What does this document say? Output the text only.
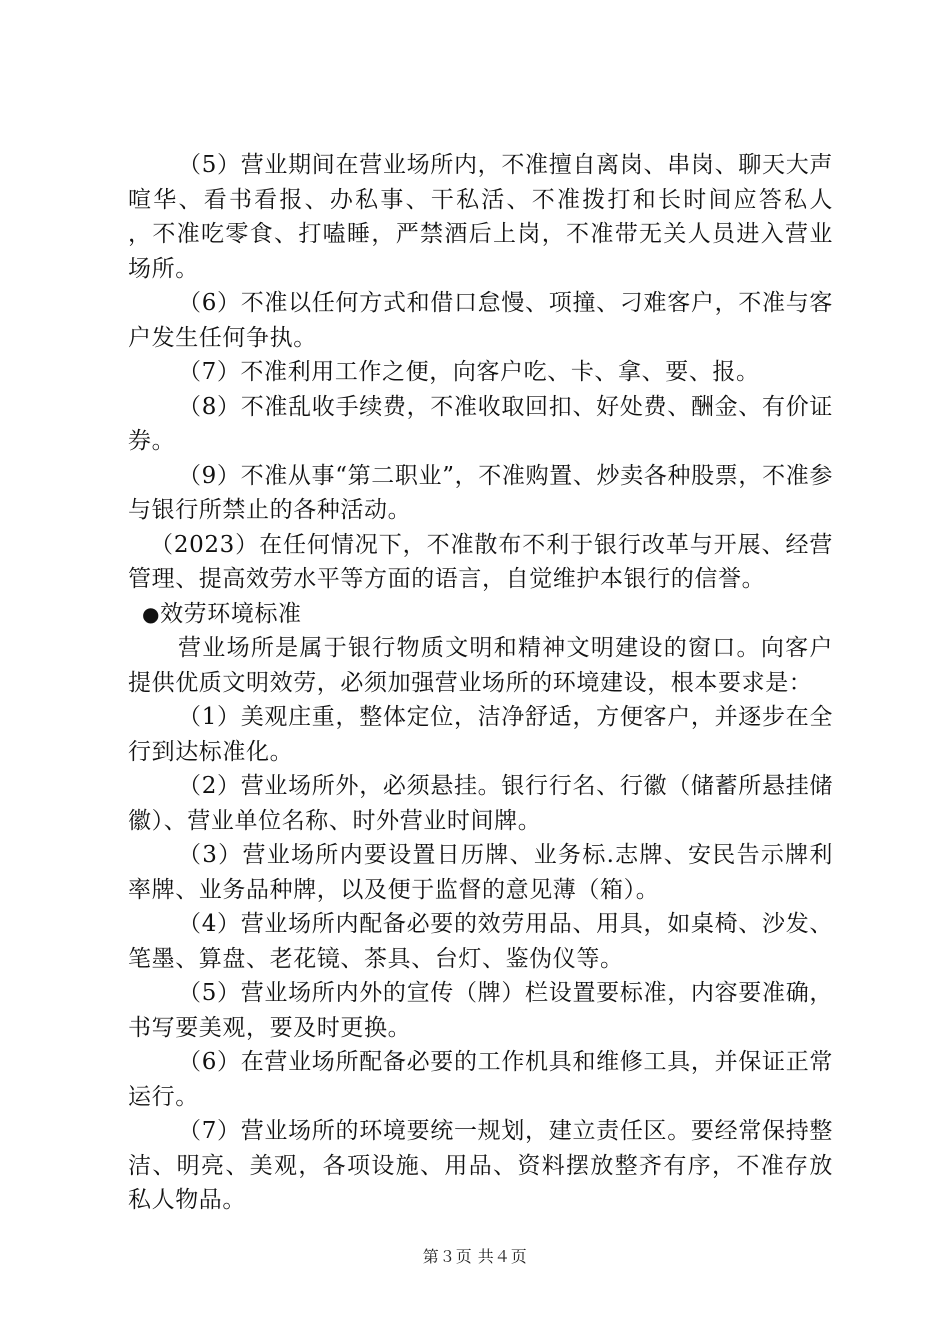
（5）营业期间在营业场所内，不准擅自离岗、串岗、聊天大声喧华、看书看报、办私事、干私活、不准拨打和长时间应答私人　　，不准吃零食、打嗑睡，严禁酒后上岗，不准带无关人员进入营业场所。

（6）不准以任何方式和借口怠慢、项撞、刁难客户，不准与客户发生任何争执。

（7）不准利用工作之便，向客户吃、卡、拿、要、报。

（8）不准乱收手续费，不准收取回扣、好处费、酬金、有价证券。

（9）不准从事“第二职业”，不准购置、炒卖各种股票，不准参与银行所禁止的各种活动。

（2023）在任何情况下，不准散布不利于银行改革与开展、经营管理、提高效劳水平等方面的语言，自觉维护本银行的信誉。

●效劳环境标准

营业场所是属于银行物质文明和精神文明建设的窗口。向客户提供优质文明效劳，必须加强营业场所的环境建设，根本要求是：

（1）美观庄重，整体定位，洁净舒适，方便客户，并逐步在全行到达标准化。

（2）营业场所外，必须悬挂。银行行名、行徽（储蓄所悬挂储徽）、营业单位名称、时外营业时间牌。

（3）营业场所内要设置日历牌、业务标.志牌、安民告示牌利率牌、业务品种牌，以及便于监督的意见薄（箱）。

（4）营业场所内配备必要的效劳用品、用具，如桌椅、沙发、笔墨、算盘、老花镜、茶具、台灯、鉴伪仪等。

（5）营业场所内外的宣传（牌）栏设置要标准，内容要准确，书写要美观，要及时更换。

（6）在营业场所配备必要的工作机具和维修工具，并保证正常运行。

（7）营业场所的环境要统一规划，建立责任区。要经常保持整洁、明亮、美观，各项设施、用品、资料摆放整齐有序，不准存放私人物品。

第３页 共４页
